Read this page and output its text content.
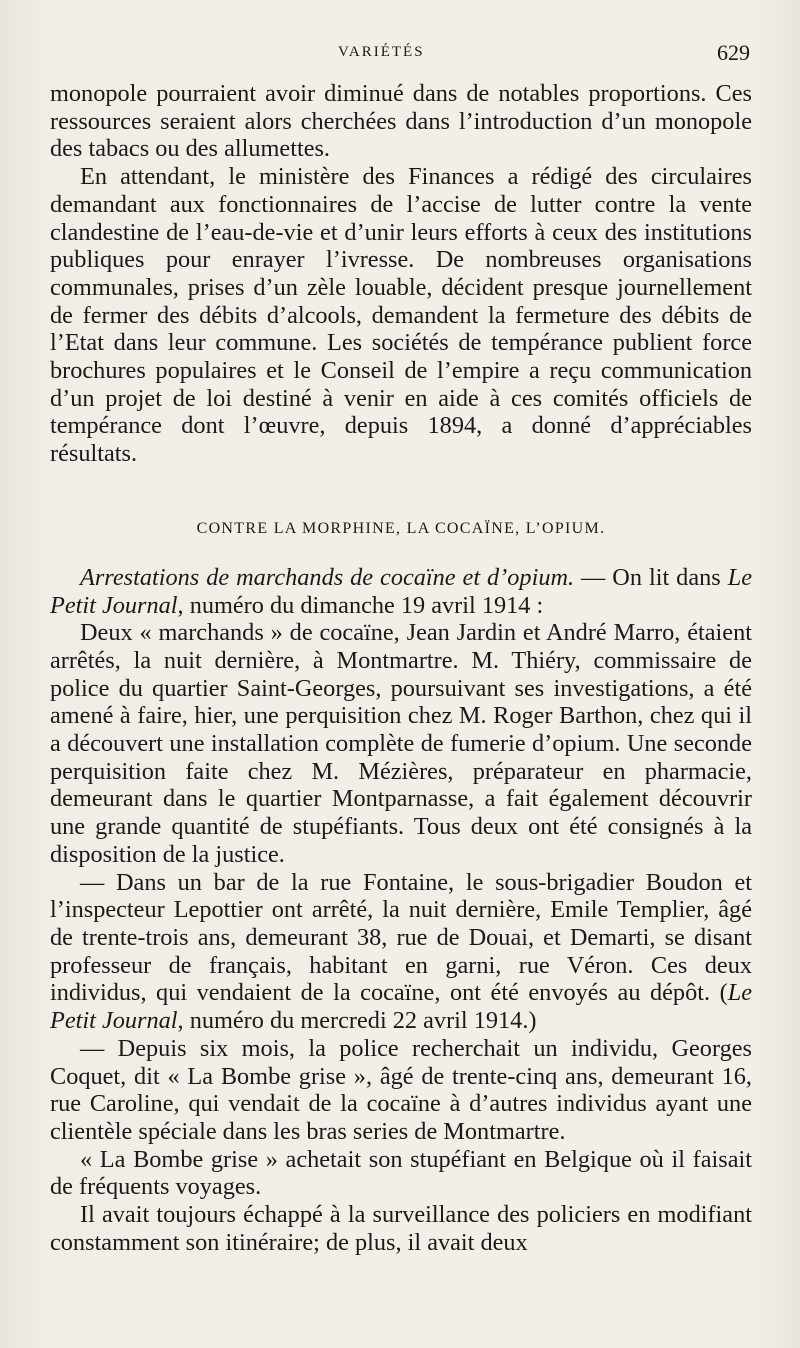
VARIÉTÉS	629

monopole pourraient avoir diminué dans de notables proportions. Ces ressources seraient alors cherchées dans l’introduction d’un monopole des tabacs ou des allumettes.

En attendant, le ministère des Finances a rédigé des circulaires demandant aux fonctionnaires de l’accise de lutter contre la vente clandestine de l’eau-de-vie et d’unir leurs efforts à ceux des institutions publiques pour enrayer l’ivresse. De nombreuses organisations communales, prises d’un zèle louable, décident presque journellement de fermer des débits d’alcools, demandent la fermeture des débits de l’Etat dans leur commune. Les sociétés de tempérance publient force brochures populaires et le Conseil de l’empire a reçu communication d’un projet de loi destiné à venir en aide à ces comités officiels de tempérance dont l’œuvre, depuis 1894, a donné d’appréciables résultats.

CONTRE LA MORPHINE, LA COCAÏNE, L’OPIUM.

Arrestations de marchands de cocaïne et d’opium. — On lit dans Le Petit Journal, numéro du dimanche 19 avril 1914 :

Deux « marchands » de cocaïne, Jean Jardin et André Marro, étaient arrêtés, la nuit dernière, à Montmartre. M. Thiéry, commissaire de police du quartier Saint-Georges, poursuivant ses investigations, a été amené à faire, hier, une perquisition chez M. Roger Barthon, chez qui il a découvert une installation complète de fumerie d’opium. Une seconde perquisition faite chez M. Mézières, préparateur en pharmacie, demeurant dans le quartier Montparnasse, a fait également découvrir une grande quantité de stupéfiants. Tous deux ont été consignés à la disposition de la justice.

— Dans un bar de la rue Fontaine, le sous-brigadier Boudon et l’inspecteur Lepottier ont arrêté, la nuit dernière, Emile Templier, âgé de trente-trois ans, demeurant 38, rue de Douai, et Demarti, se disant professeur de français, habitant en garni, rue Véron. Ces deux individus, qui vendaient de la cocaïne, ont été envoyés au dépôt. (Le Petit Journal, numéro du mercredi 22 avril 1914.)

— Depuis six mois, la police recherchait un individu, Georges Coquet, dit « La Bombe grise », âgé de trente-cinq ans, demeurant 16, rue Caroline, qui vendait de la cocaïne à d’autres individus ayant une clientèle spéciale dans les bras series de Montmartre.

« La Bombe grise » achetait son stupéfiant en Belgique où il faisait de fréquents voyages.

Il avait toujours échappé à la surveillance des policiers en modifiant constamment son itinéraire; de plus, il avait deux
